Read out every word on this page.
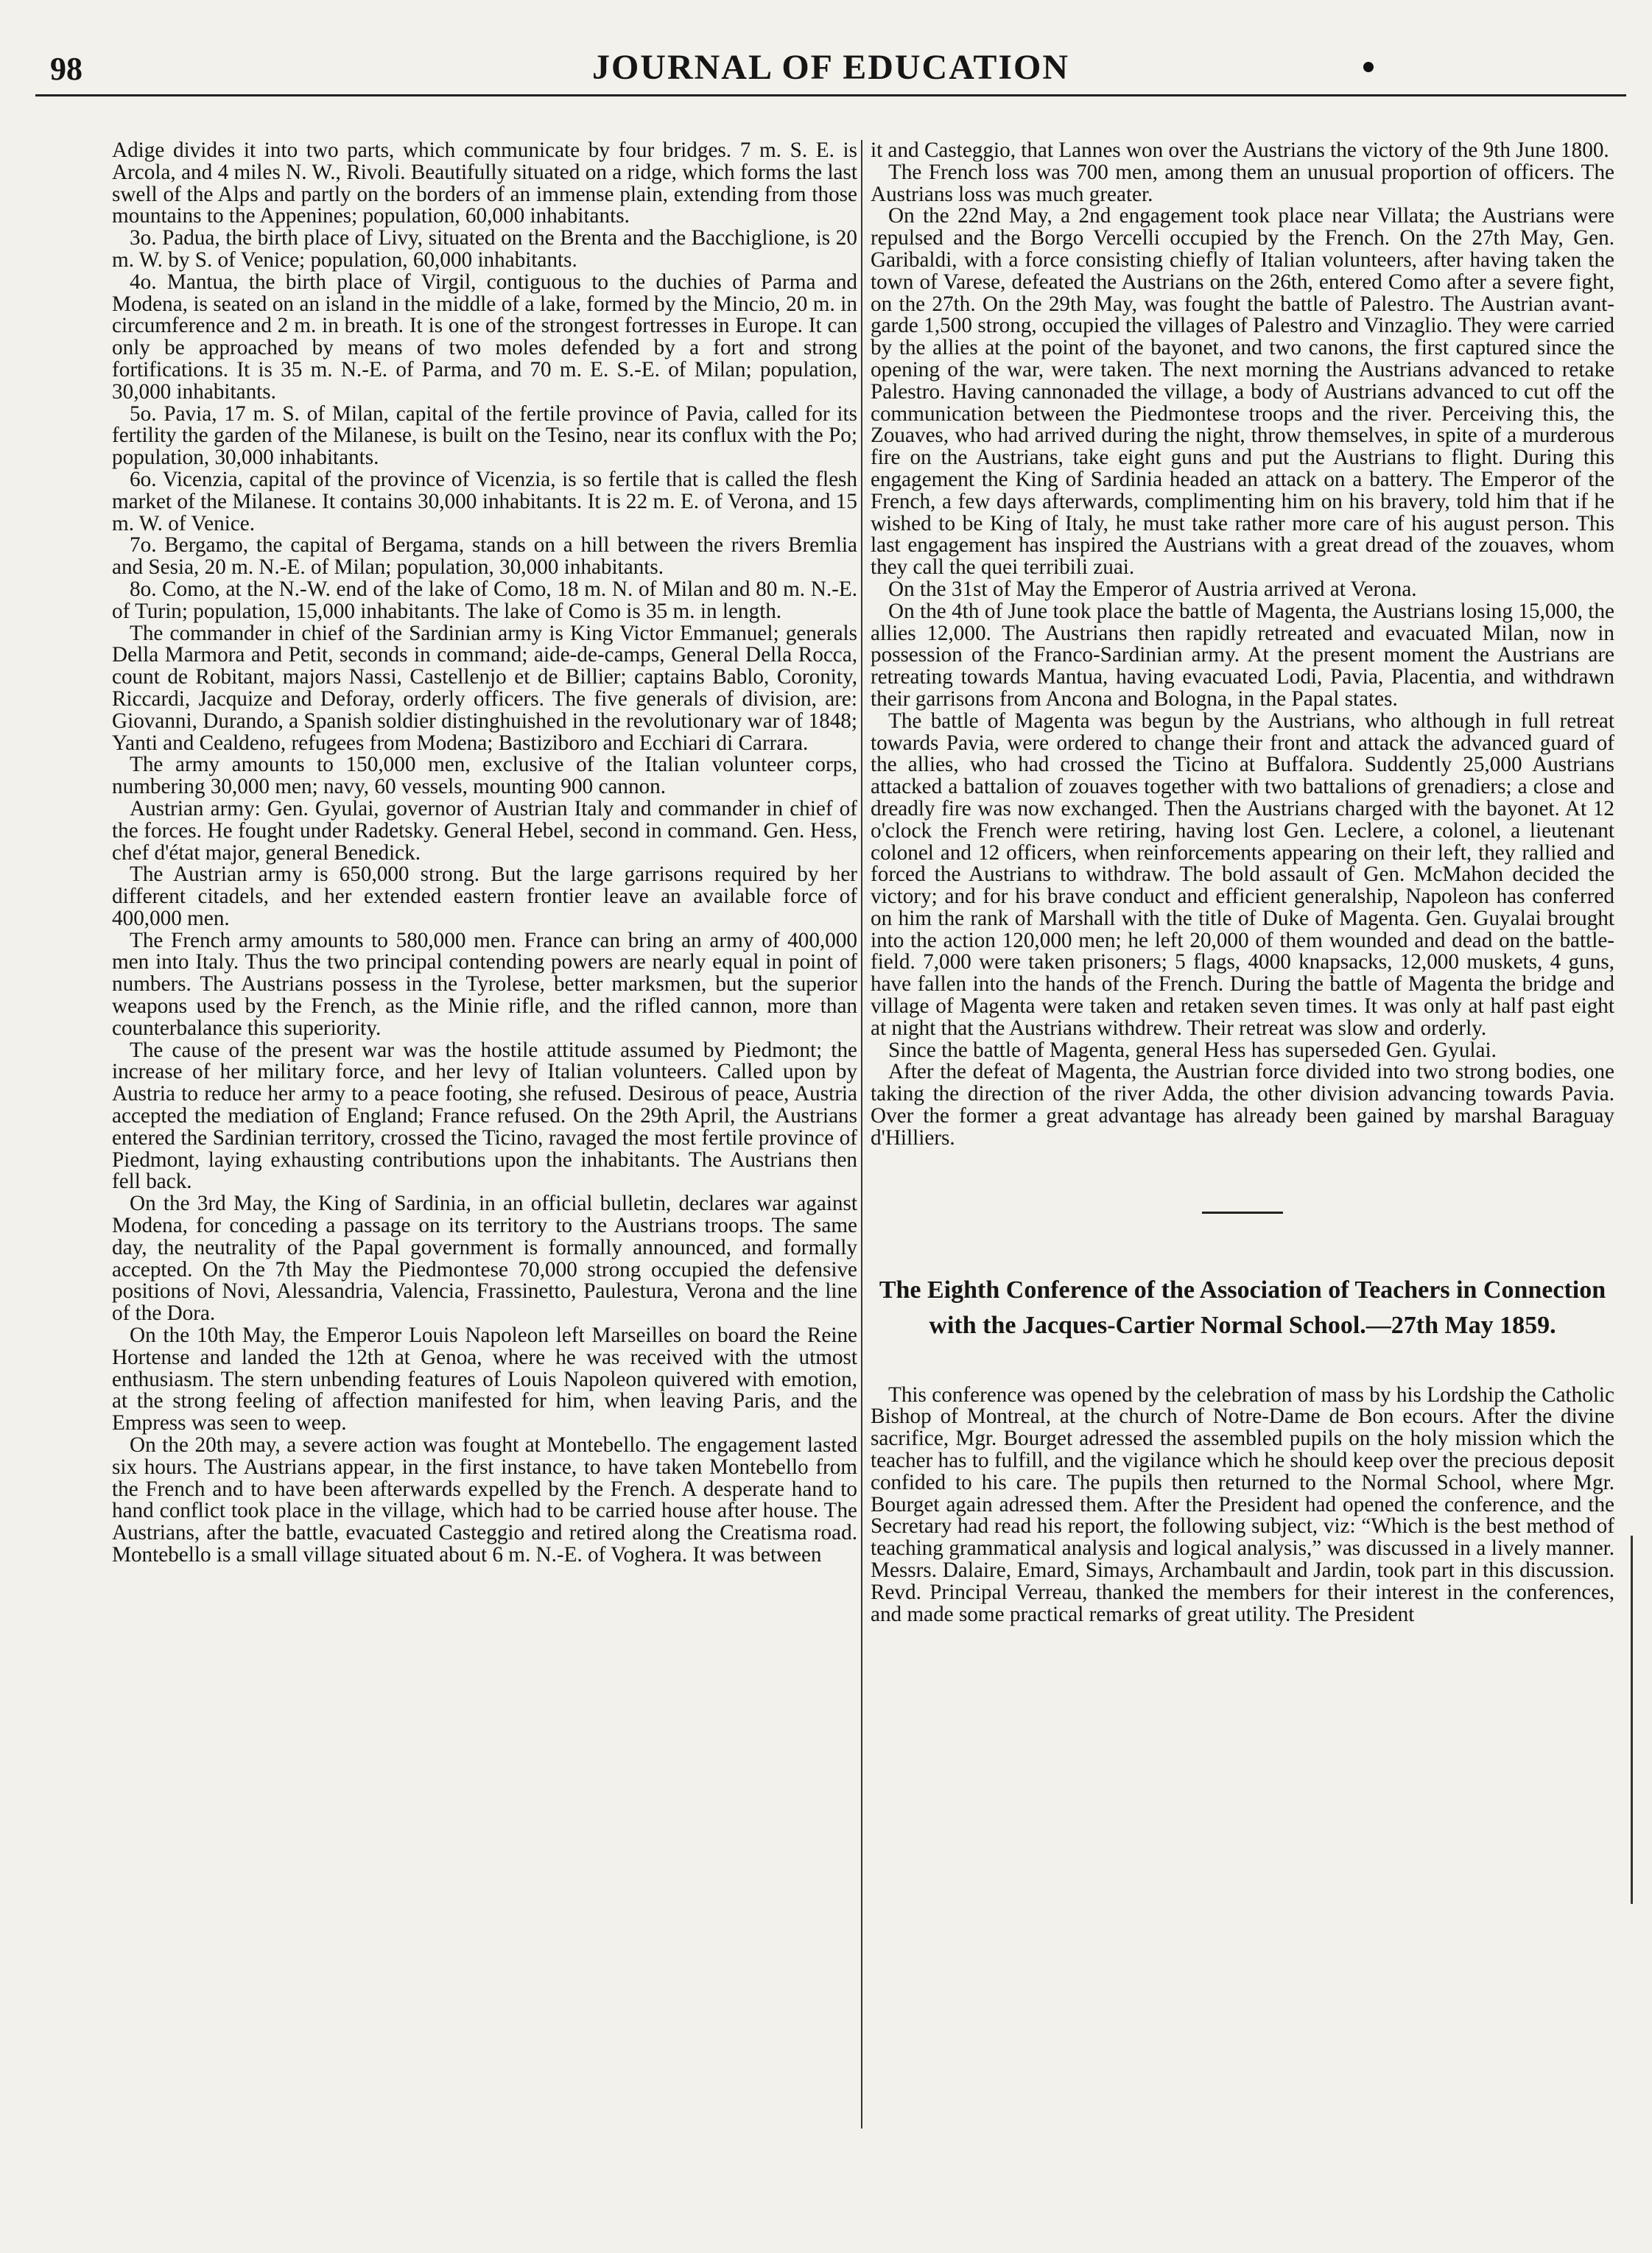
98	JOURNAL OF EDUCATION

Adige divides it into two parts, which communicate by four bridges. 7 m. S. E. is Arcola, and 4 miles N. W., Rivoli. Beautifully situated on a ridge, which forms the last swell of the Alps and partly on the borders of an immense plain, extending from those mountains to the Appenines; population, 60,000 inhabitants.

3o. Padua, the birth place of Livy, situated on the Brenta and the Bacchiglione, is 20 m. W. by S. of Venice; population, 60,000 inhabitants.

4o. Mantua, the birth place of Virgil, contiguous to the duchies of Parma and Modena, is seated on an island in the middle of a lake, formed by the Mincio, 20 m. in circumference and 2 m. in breath. It is one of the strongest fortresses in Europe. It can only be approached by means of two moles defended by a fort and strong fortifications. It is 35 m. N.-E. of Parma, and 70 m. E. S.-E. of Milan; population, 30,000 inhabitants.

5o. Pavia, 17 m. S. of Milan, capital of the fertile province of Pavia, called for its fertility the garden of the Milanese, is built on the Tesino, near its conflux with the Po; population, 30,000 inhabitants.

6o. Vicenzia, capital of the province of Vicenzia, is so fertile that is called the flesh market of the Milanese. It contains 30,000 inhabitants. It is 22 m. E. of Verona, and 15 m. W. of Venice.

7o. Bergamo, the capital of Bergama, stands on a hill between the rivers Bremlia and Sesia, 20 m. N.-E. of Milan; population, 30,000 inhabitants.

8o. Como, at the N.-W. end of the lake of Como, 18 m. N. of Milan and 80 m. N.-E. of Turin; population, 15,000 inhabitants. The lake of Como is 35 m. in length.

The commander in chief of the Sardinian army is King Victor Emmanuel; generals Della Marmora and Petit, seconds in command; aide-de-camps, General Della Rocca, count de Robitant, majors Nassi, Castellenjo et de Billier; captains Bablo, Coronity, Riccardi, Jacquize and Deforay, orderly officers. The five generals of division, are: Giovanni, Durando, a Spanish soldier distinghuished in the revolutionary war of 1848; Yanti and Cealdeno, refugees from Modena; Bastiziboro and Ecchiari di Carrara.

The army amounts to 150,000 men, exclusive of the Italian volunteer corps, numbering 30,000 men; navy, 60 vessels, mounting 900 cannon.

Austrian army: Gen. Gyulai, governor of Austrian Italy and commander in chief of the forces. He fought under Radetsky. General Hebel, second in command. Gen. Hess, chef d'état major, general Benedick.

The Austrian army is 650,000 strong. But the large garrisons required by her different citadels, and her extended eastern frontier leave an available force of 400,000 men.

The French army amounts to 580,000 men. France can bring an army of 400,000 men into Italy. Thus the two principal contending powers are nearly equal in point of numbers. The Austrians possess in the Tyrolese, better marksmen, but the superior weapons used by the French, as the Minie rifle, and the rifled cannon, more than counterbalance this superiority.

The cause of the present war was the hostile attitude assumed by Piedmont; the increase of her military force, and her levy of Italian volunteers. Called upon by Austria to reduce her army to a peace footing, she refused. Desirous of peace, Austria accepted the mediation of England; France refused. On the 29th April, the Austrians entered the Sardinian territory, crossed the Ticino, ravaged the most fertile province of Piedmont, laying exhausting contributions upon the inhabitants. The Austrians then fell back.

On the 3rd May, the King of Sardinia, in an official bulletin, declares war against Modena, for conceding a passage on its territory to the Austrians troops. The same day, the neutrality of the Papal government is formally announced, and formally accepted. On the 7th May the Piedmontese 70,000 strong occupied the defensive positions of Novi, Alessandria, Valencia, Frassinetto, Paulestura, Verona and the line of the Dora.

On the 10th May, the Emperor Louis Napoleon left Marseilles on board the Reine Hortense and landed the 12th at Genoa, where he was received with the utmost enthusiasm. The stern unbending features of Louis Napoleon quivered with emotion, at the strong feeling of affection manifested for him, when leaving Paris, and the Empress was seen to weep.

On the 20th may, a severe action was fought at Montebello. The engagement lasted six hours. The Austrians appear, in the first instance, to have taken Montebello from the French and to have been afterwards expelled by the French. A desperate hand to hand conflict took place in the village, which had to be carried house after house. The Austrians, after the battle, evacuated Casteggio and retired along the Creatisma road. Montebello is a small village situated about 6 m. N.-E. of Voghera. It was between

it and Casteggio, that Lannes won over the Austrians the victory of the 9th June 1800.

The French loss was 700 men, among them an unusual proportion of officers. The Austrians loss was much greater.

On the 22nd May, a 2nd engagement took place near Villata; the Austrians were repulsed and the Borgo Vercelli occupied by the French. On the 27th May, Gen. Garibaldi, with a force consisting chiefly of Italian volunteers, after having taken the town of Varese, defeated the Austrians on the 26th, entered Como after a severe fight, on the 27th. On the 29th May, was fought the battle of Palestro. The Austrian avant-garde 1,500 strong, occupied the villages of Palestro and Vinzaglio. They were carried by the allies at the point of the bayonet, and two canons, the first captured since the opening of the war, were taken. The next morning the Austrians advanced to retake Palestro. Having cannonaded the village, a body of Austrians advanced to cut off the communication between the Piedmontese troops and the river. Perceiving this, the Zouaves, who had arrived during the night, throw themselves, in spite of a murderous fire on the Austrians, take eight guns and put the Austrians to flight. During this engagement the King of Sardinia headed an attack on a battery. The Emperor of the French, a few days afterwards, complimenting him on his bravery, told him that if he wished to be King of Italy, he must take rather more care of his august person. This last engagement has inspired the Austrians with a great dread of the zouaves, whom they call the quei terribili zuai.

On the 31st of May the Emperor of Austria arrived at Verona.

On the 4th of June took place the battle of Magenta, the Austrians losing 15,000, the allies 12,000. The Austrians then rapidly retreated and evacuated Milan, now in possession of the Franco-Sardinian army. At the present moment the Austrians are retreating towards Mantua, having evacuated Lodi, Pavia, Placentia, and withdrawn their garrisons from Ancona and Bologna, in the Papal states.

The battle of Magenta was begun by the Austrians, who although in full retreat towards Pavia, were ordered to change their front and attack the advanced guard of the allies, who had crossed the Ticino at Buffalora. Suddently 25,000 Austrians attacked a battalion of zouaves together with two battalions of grenadiers; a close and dreadly fire was now exchanged. Then the Austrians charged with the bayonet. At 12 o'clock the French were retiring, having lost Gen. Leclere, a colonel, a lieutenant colonel and 12 officers, when reinforcements appearing on their left, they rallied and forced the Austrians to withdraw. The bold assault of Gen. McMahon decided the victory; and for his brave conduct and efficient generalship, Napoleon has conferred on him the rank of Marshall with the title of Duke of Magenta. Gen. Guyalai brought into the action 120,000 men; he left 20,000 of them wounded and dead on the battle-field. 7,000 were taken prisoners; 5 flags, 4000 knapsacks, 12,000 muskets, 4 guns, have fallen into the hands of the French. During the battle of Magenta the bridge and village of Magenta were taken and retaken seven times. It was only at half past eight at night that the Austrians withdrew. Their retreat was slow and orderly.

Since the battle of Magenta, general Hess has superseded Gen. Gyulai.

After the defeat of Magenta, the Austrian force divided into two strong bodies, one taking the direction of the river Adda, the other division advancing towards Pavia. Over the former a great advantage has already been gained by marshal Baraguay d'Hilliers.

The Eighth Conference of the Association of Teachers in Connection with the Jacques-Cartier Normal School.—27th May 1859.

This conference was opened by the celebration of mass by his Lordship the Catholic Bishop of Montreal, at the church of Notre-Dame de Bon ecours. After the divine sacrifice, Mgr. Bourget adressed the assembled pupils on the holy mission which the teacher has to fulfill, and the vigilance which he should keep over the precious deposit confided to his care. The pupils then returned to the Normal School, where Mgr. Bourget again adressed them. After the President had opened the conference, and the Secretary had read his report, the following subject, viz: “Which is the best method of teaching grammatical analysis and logical analysis,” was discussed in a lively manner. Messrs. Dalaire, Emard, Simays, Archambault and Jardin, took part in this discussion. Revd. Principal Verreau, thanked the members for their interest in the conferences, and made some practical remarks of great utility. The President
